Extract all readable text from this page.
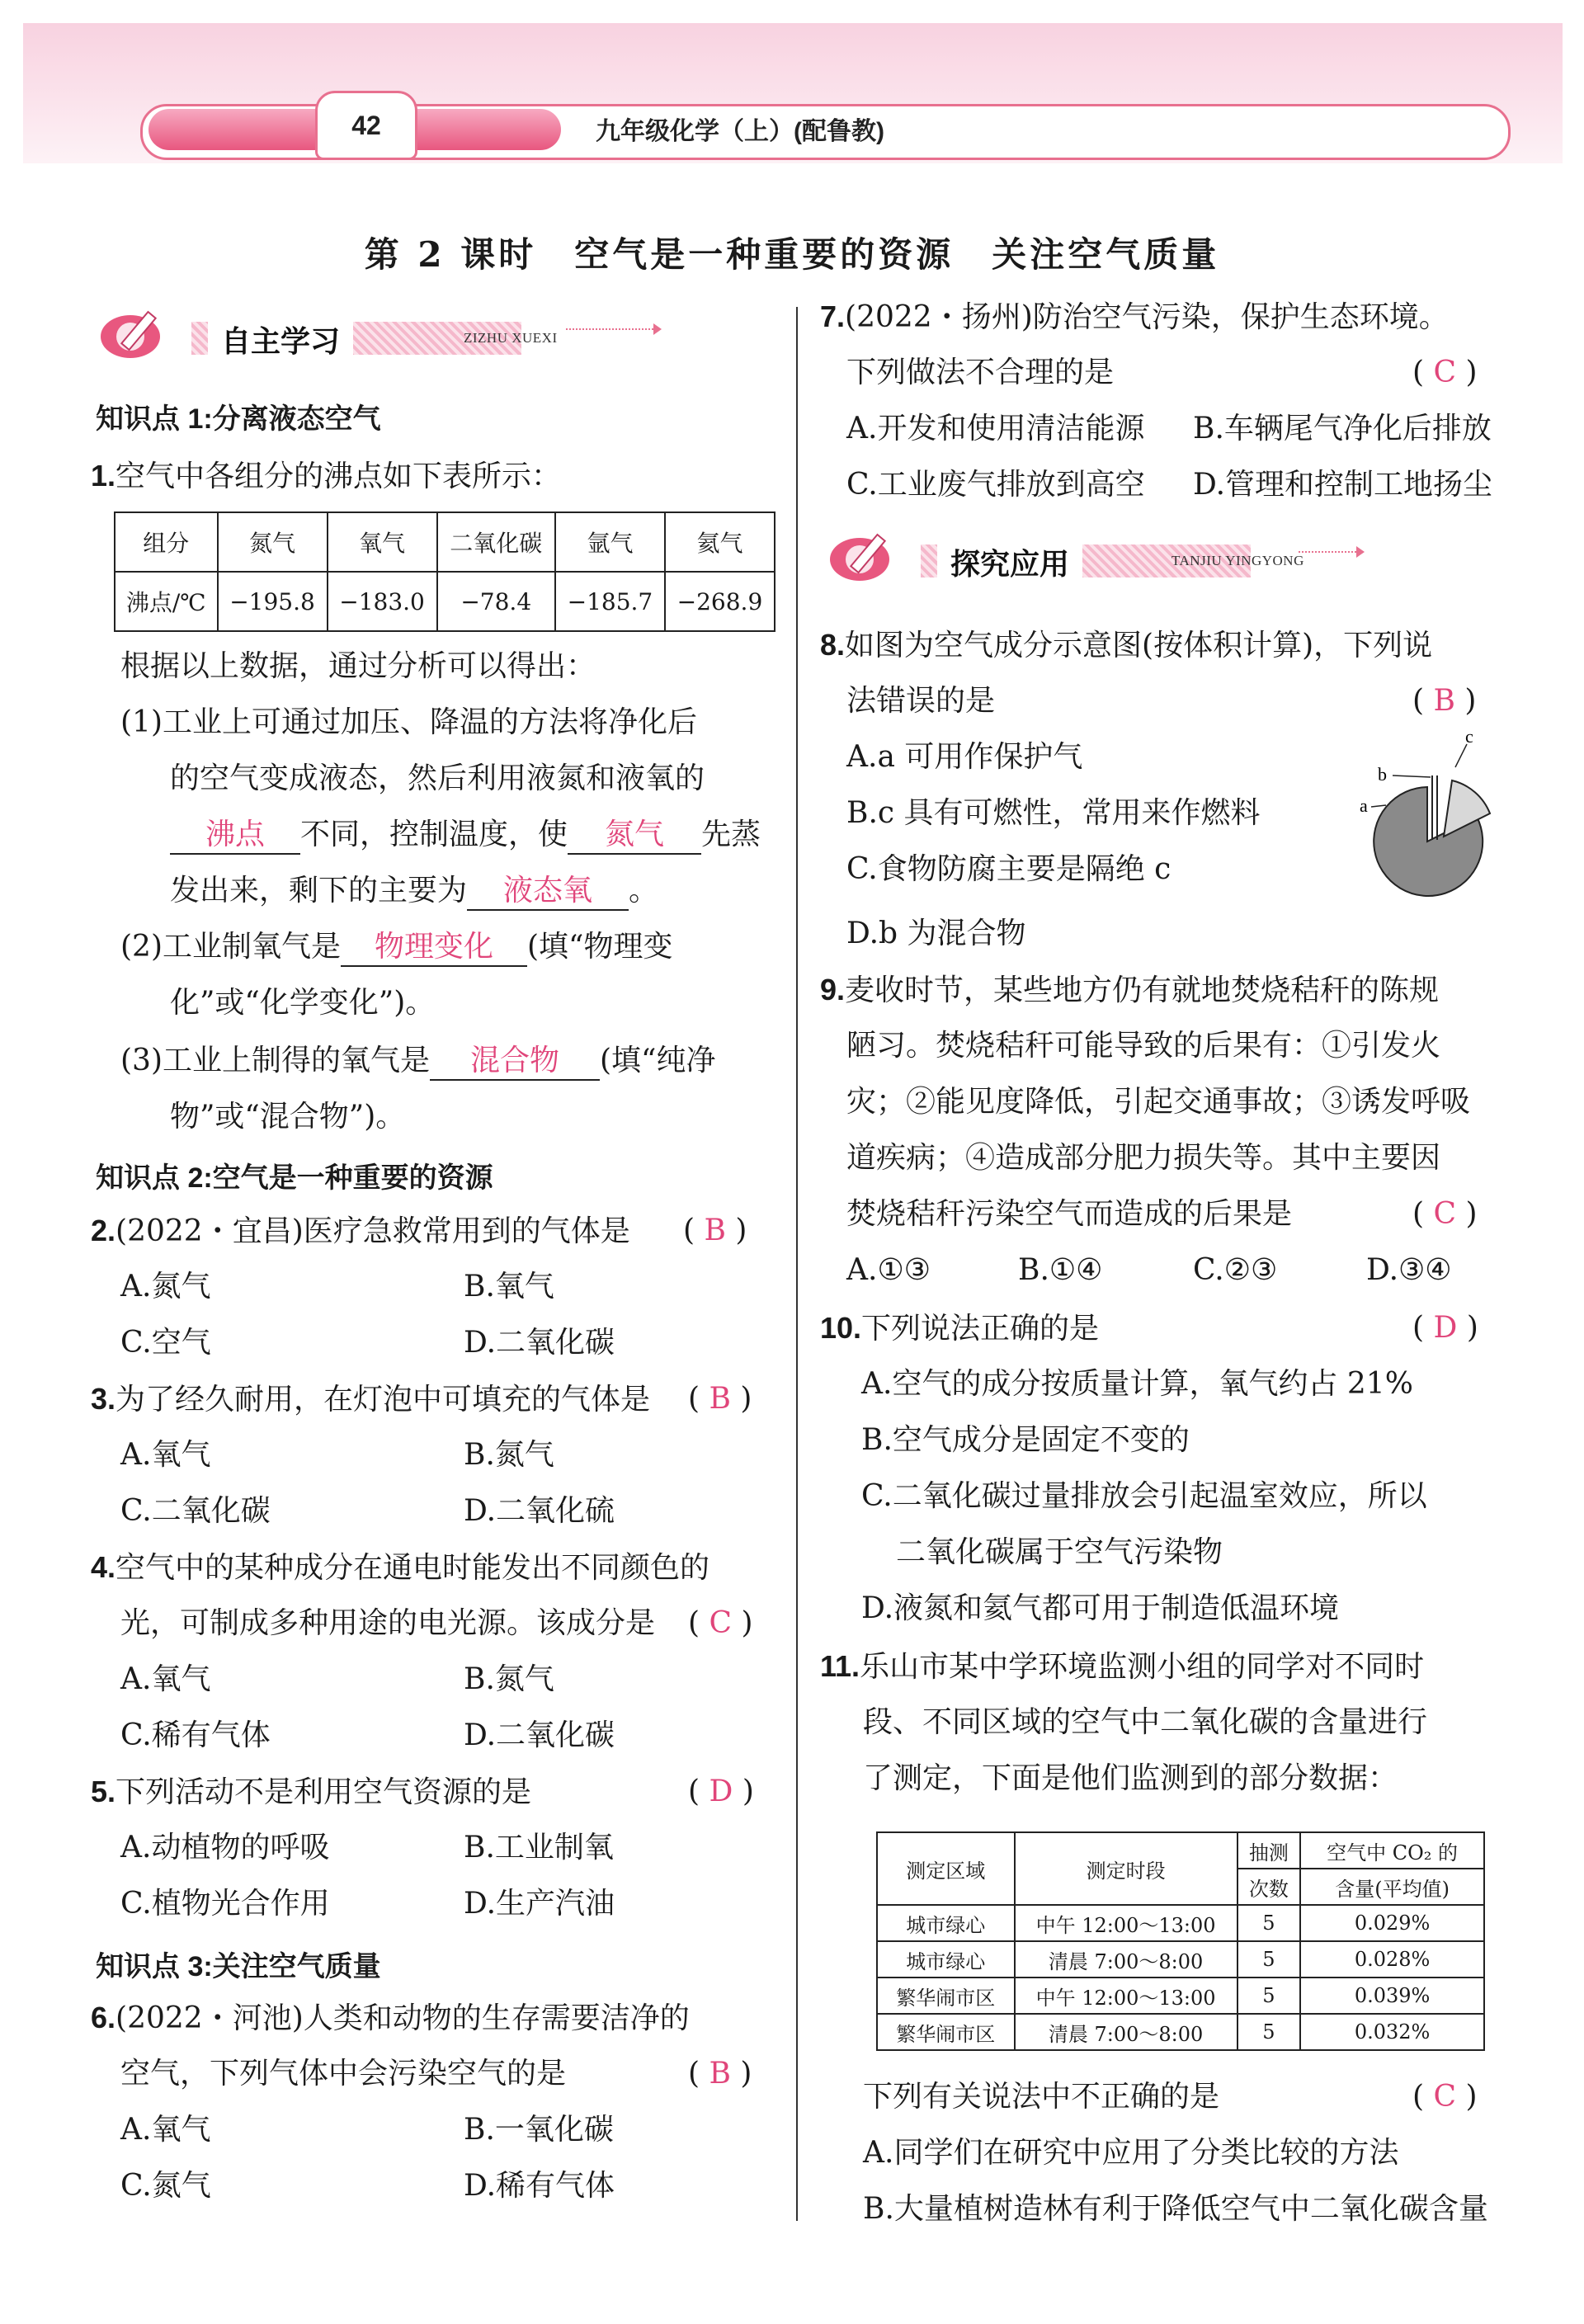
42	九年级化学（上）(配鲁教)
第 2 课时　空气是一种重要的资源　关注空气质量
自主学习	ZIZHU XUEXI
知识点 1:分离液态空气
1.空气中各组分的沸点如下表所示：
组分	氮气	氧气	二氧化碳	氩气	氦气
沸点/℃	−195.8	−183.0	−78.4	−185.7	−268.9
根据以上数据，通过分析可以得出：
(1)工业上可通过加压、降温的方法将净化后
的空气变成液态，然后利用液氮和液氧的
沸点 不同，控制温度，使 氮气 先蒸
发出来，剩下的主要为 液态氧 。
(2)工业制氧气是 物理变化 (填“物理变
化”或“化学变化”)。
(3)工业上制得的氧气是 混合物 (填“纯净
物”或“混合物”)。
知识点 2:空气是一种重要的资源
2.(2022・宜昌)医疗急救常用到的气体是 ( B )
A.氮气	B.氧气
C.空气	D.二氧化碳
3.为了经久耐用，在灯泡中可填充的气体是 ( B )
A.氧气	B.氮气
C.二氧化碳	D.二氧化硫
4.空气中的某种成分在通电时能发出不同颜色的
光，可制成多种用途的电光源。该成分是 ( C )
A.氧气	B.氮气
C.稀有气体	D.二氧化碳
5.下列活动不是利用空气资源的是	( D )
A.动植物的呼吸	B.工业制氧
C.植物光合作用	D.生产汽油
知识点 3:关注空气质量
6.(2022・河池)人类和动物的生存需要洁净的
空气，下列气体中会污染空气的是	( B )
A.氧气	B.一氧化碳
C.氮气	D.稀有气体
7.(2022・扬州)防治空气污染，保护生态环境。
下列做法不合理的是	( C )
A.开发和使用清洁能源 B.车辆尾气净化后排放
C.工业废气排放到高空 D.管理和控制工地扬尘
探究应用	TANJIU YINGYONG
8.如图为空气成分示意图(按体积计算)，下列说
法错误的是	( B )
A.a 可用作保护气
B.c 具有可燃性，常用来作燃料
C.食物防腐主要是隔绝 c
D.b 为混合物
a
b
c
9.麦收时节，某些地方仍有就地焚烧秸秆的陈规
陋习。焚烧秸秆可能导致的后果有：①引发火
灾；②能见度降低，引起交通事故；③诱发呼吸
道疾病；④造成部分肥力损失等。其中主要因
焚烧秸秆污染空气而造成的后果是	( C )
A.①③	B.①④	C.②③	D.③④
10.下列说法正确的是	( D )
A.空气的成分按质量计算，氧气约占 21%
B.空气成分是固定不变的
C.二氧化碳过量排放会引起温室效应，所以
二氧化碳属于空气污染物
D.液氮和氦气都可用于制造低温环境
11.乐山市某中学环境监测小组的同学对不同时
段、不同区域的空气中二氧化碳的含量进行
了测定，下面是他们监测到的部分数据：
测定区域	测定时段	抽测	空气中 CO₂ 的
		次数	含量(平均值)
城市绿心	中午 12:00～13:00	5	0.029%
城市绿心	清晨 7:00～8:00	5	0.028%
繁华闹市区	中午 12:00～13:00	5	0.039%
繁华闹市区	清晨 7:00～8:00	5	0.032%
下列有关说法中不正确的是	( C )
A.同学们在研究中应用了分类比较的方法
B.大量植树造林有利于降低空气中二氧化碳含量
